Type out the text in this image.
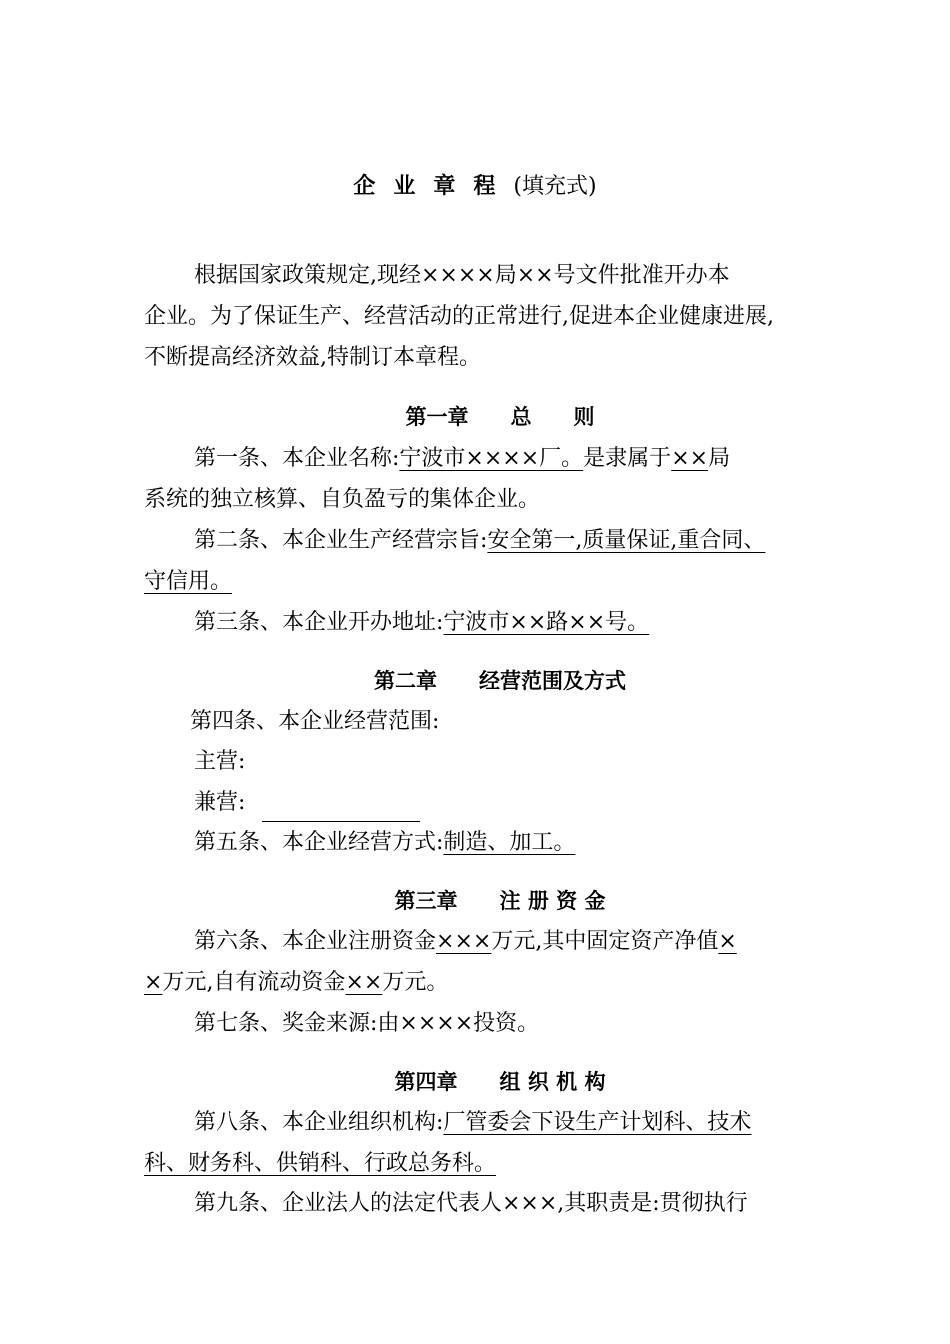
企业章程(填充式)
根据国家政策规定,现经××××局××号文件批准开办本
企业。为了保证生产、经营活动的正常进行,促进本企业健康进展,
不断提高经济效益,特制订本章程。
第一章　　总　　则
第一条、本企业名称:宁波市××××厂。是隶属于××局
系统的独立核算、自负盈亏的集体企业。
第二条、本企业生产经营宗旨:安全第一,质量保证,重合同、
守信用。
第三条、本企业开办地址:宁波市××路××号。
第二章　　经营范围及方式
第四条、本企业经营范围:
主营:
兼营:
第五条、本企业经营方式:制造、加工。
第三章　　注 册 资 金
第六条、本企业注册资金×××万元,其中固定资产净值×
×万元,自有流动资金××万元。
第七条、奖金来源:由××××投资。
第四章　　组 织 机 构
第八条、本企业组织机构:厂管委会下设生产计划科、技术
科、财务科、供销科、行政总务科。
第九条、企业法人的法定代表人×××,其职责是:贯彻执行
